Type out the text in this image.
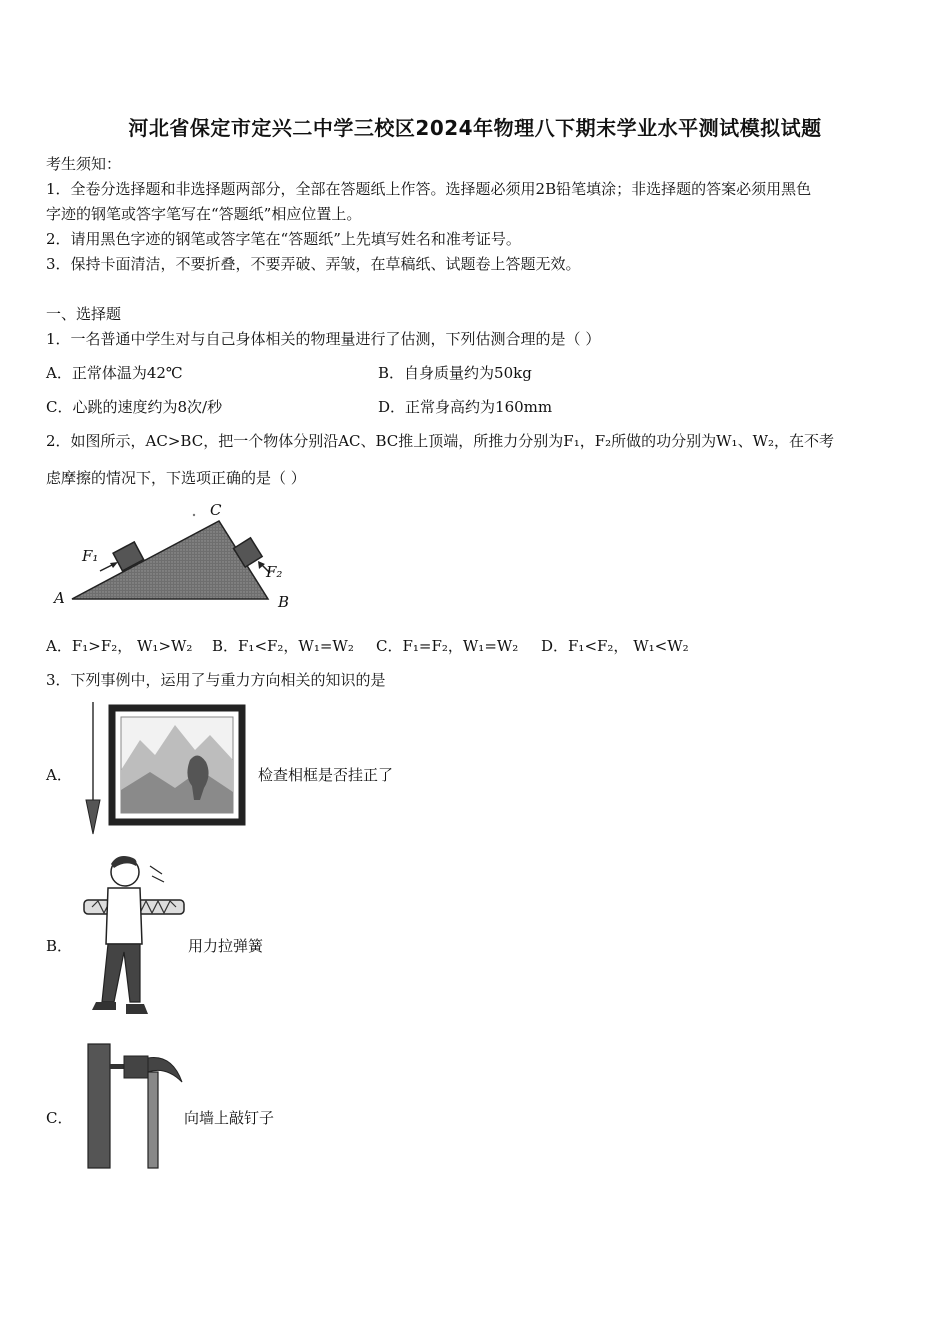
河北省保定市定兴二中学三校区2024年物理八下期末学业水平测试模拟试题
考生须知：
1．全卷分选择题和非选择题两部分，全部在答题纸上作答。选择题必须用2B铅笔填涂；非选择题的答案必须用黑色
字迹的钢笔或答字笔写在“答题纸”相应位置上。
2．请用黑色字迹的钢笔或答字笔在“答题纸”上先填写姓名和准考证号。
3．保持卡面清洁，不要折叠，不要弄破、弄皱，在草稿纸、试题卷上答题无效。
一、选择题
1．一名普通中学生对与自己身体相关的物理量进行了估测，下列估测合理的是（ ）
A．正常体温为42℃	B．自身质量约为50kg
C．心跳的速度约为8次/秒	D．正常身高约为160mm
2．如图所示，AC>BC，把一个物体分别沿AC、BC推上顶端，所推力分别为F₁，F₂所做的功分别为W₁、W₂，在不考
虑摩擦的情况下，下选项正确的是（ ）
A	B
C
F₁
F₂
A．F₁>F₂， W₁>W₂ B．F₁<F₂，W₁=W₂ C．F₁=F₂，W₁=W₂ D．F₁<F₂， W₁<W₂
3．下列事例中，运用了与重力方向相关的知识的是
A．	检查相框是否挂正了
B．	用力拉弹簧
C．	向墙上敲钉子
